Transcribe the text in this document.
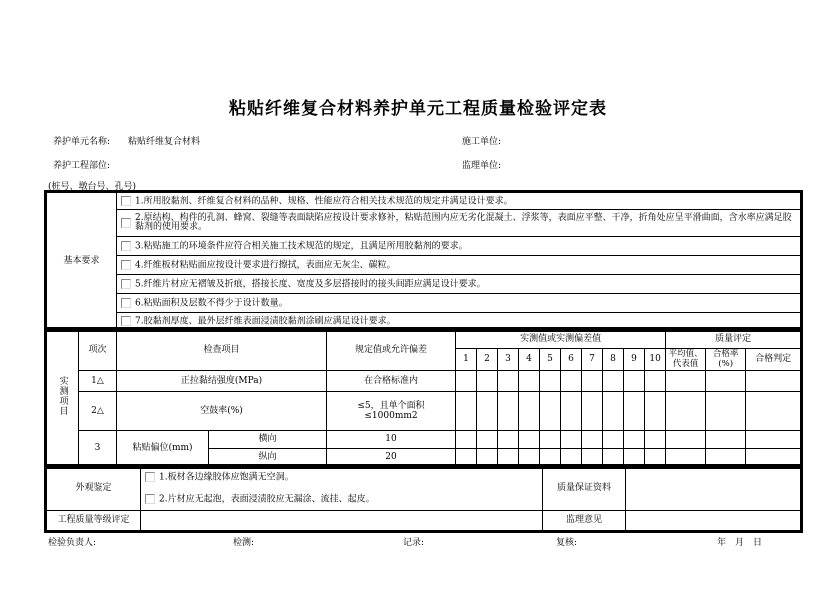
粘贴纤维复合材料养护单元工程质量检验评定表
养护单元名称: 粘贴纤维复合材料	施工单位:
养护工程部位:	监理单位:
(桩号、墩台号、孔号)
基本要求	1.所用胶黏剂、纤维复合材料的品种、规格、性能应符合相关技术规范的规定并满足设计要求。

2.原结构、构件的孔洞、蜂窝、裂缝等表面缺陷应按设计要求修补，粘贴范围内应无劣化混凝土、浮浆等，表面应平整、干净，折角处应呈平滑曲面，含水率应满足胶黏剂的使用要求。

3.粘贴施工的环境条件应符合相关施工技术规范的规定，且满足所用胶黏剂的要求。
4.纤维板材粘贴面应按设计要求进行擦拭，表面应无灰尘、碳粒。
5.纤维片材应无褶皱及折痕，搭接长度、宽度及多层搭接时的接头间距应满足设计要求。
6.粘贴面积及层数不得少于设计数量。
7.胶黏剂厚度、最外层纤维表面浸渍胶黏剂涂刷应满足设计要求。
实测项目	项次	检查项目		规定值或允许偏差	实测值或实测偏差值										质量评定		
					1	2	3	4	5	6	7	8	9	10	平均值、代表值	合格率(%)	合格判定
	1△	正拉黏结强度(MPa)		在合格标准内													
	2△	空鼓率(%)		≤5，且单个面积≤1000mm2													
	3	粘贴偏位(mm)	横向	10													
			纵向	20													
外观鉴定	1.板材各边缘胶体应饱满无空洞。	质量保证资料	
	2.片材应无起泡，表面浸渍胶应无漏涂、流挂、起皮。		
工程质量等级评定		监理意见	
检验负责人:	检测:	记录:	复核:	年　月　日
